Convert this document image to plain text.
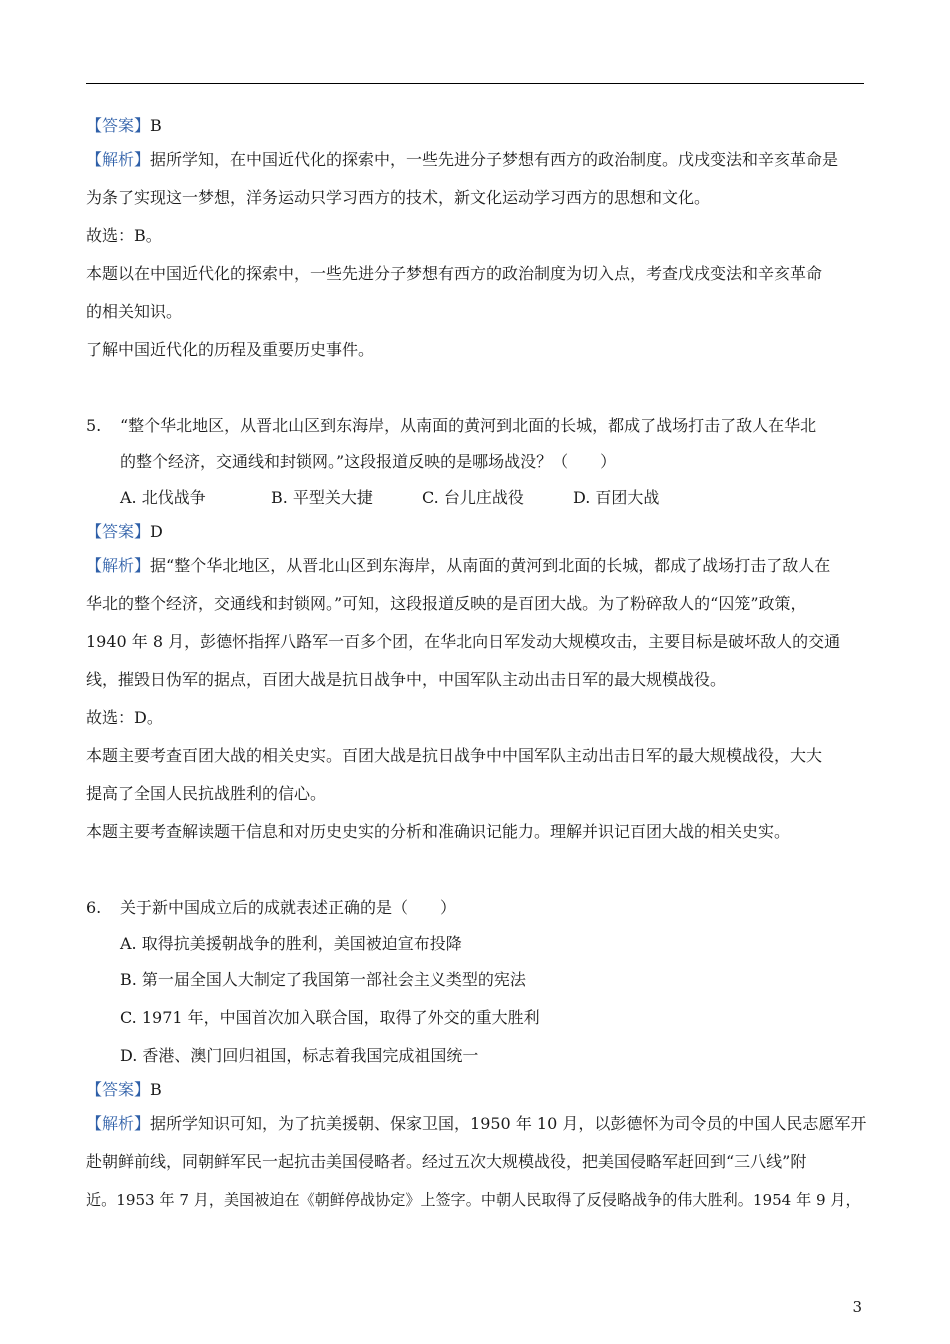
【答案】B

【解析】据所学知，在中国近代化的探索中，一些先进分子梦想有西方的政治制度。戊戌变法和辛亥革命是

为条了实现这一梦想，洋务运动只学习西方的技术，新文化运动学习西方的思想和文化。

故选：B。

本题以在中国近代化的探索中，一些先进分子梦想有西方的政治制度为切入点，考查戊戌变法和辛亥革命

的相关知识。

了解中国近代化的历程及重要历史事件。

5. “整个华北地区，从晋北山区到东海岸，从南面的黄河到北面的长城，都成了战场打击了敌人在华北

的整个经济，交通线和封锁网。”这段报道反映的是哪场战没？（　　）

A. 北伐战争	B. 平型关大捷	C. 台儿庄战役	D. 百团大战

【答案】D

【解析】据“整个华北地区，从晋北山区到东海岸，从南面的黄河到北面的长城，都成了战场打击了敌人在

华北的整个经济，交通线和封锁网。”可知，这段报道反映的是百团大战。为了粉碎敌人的“囚笼”政策，

1940 年 8 月，彭德怀指挥八路军一百多个团，在华北向日军发动大规模攻击，主要目标是破坏敌人的交通

线，摧毁日伪军的据点，百团大战是抗日战争中，中国军队主动出击日军的最大规模战役。

故选：D。

本题主要考查百团大战的相关史实。百团大战是抗日战争中中国军队主动出击日军的最大规模战役，大大

提高了全国人民抗战胜利的信心。

本题主要考查解读题干信息和对历史史实的分析和准确识记能力。理解并识记百团大战的相关史实。

6. 关于新中国成立后的成就表述正确的是（　　）

A. 取得抗美援朝战争的胜利，美国被迫宣布投降

B. 第一届全国人大制定了我国第一部社会主义类型的宪法

C. 1971 年，中国首次加入联合国，取得了外交的重大胜利

D. 香港、澳门回归祖国，标志着我国完成祖国统一

【答案】B

【解析】据所学知识可知，为了抗美援朝、保家卫国，1950 年 10 月，以彭德怀为司令员的中国人民志愿军开

赴朝鲜前线，同朝鲜军民一起抗击美国侵略者。经过五次大规模战役，把美国侵略军赶回到“三八线”附

近。1953 年 7 月，美国被迫在《朝鲜停战协定》上签字。中朝人民取得了反侵略战争的伟大胜利。1954 年 9 月，

3
